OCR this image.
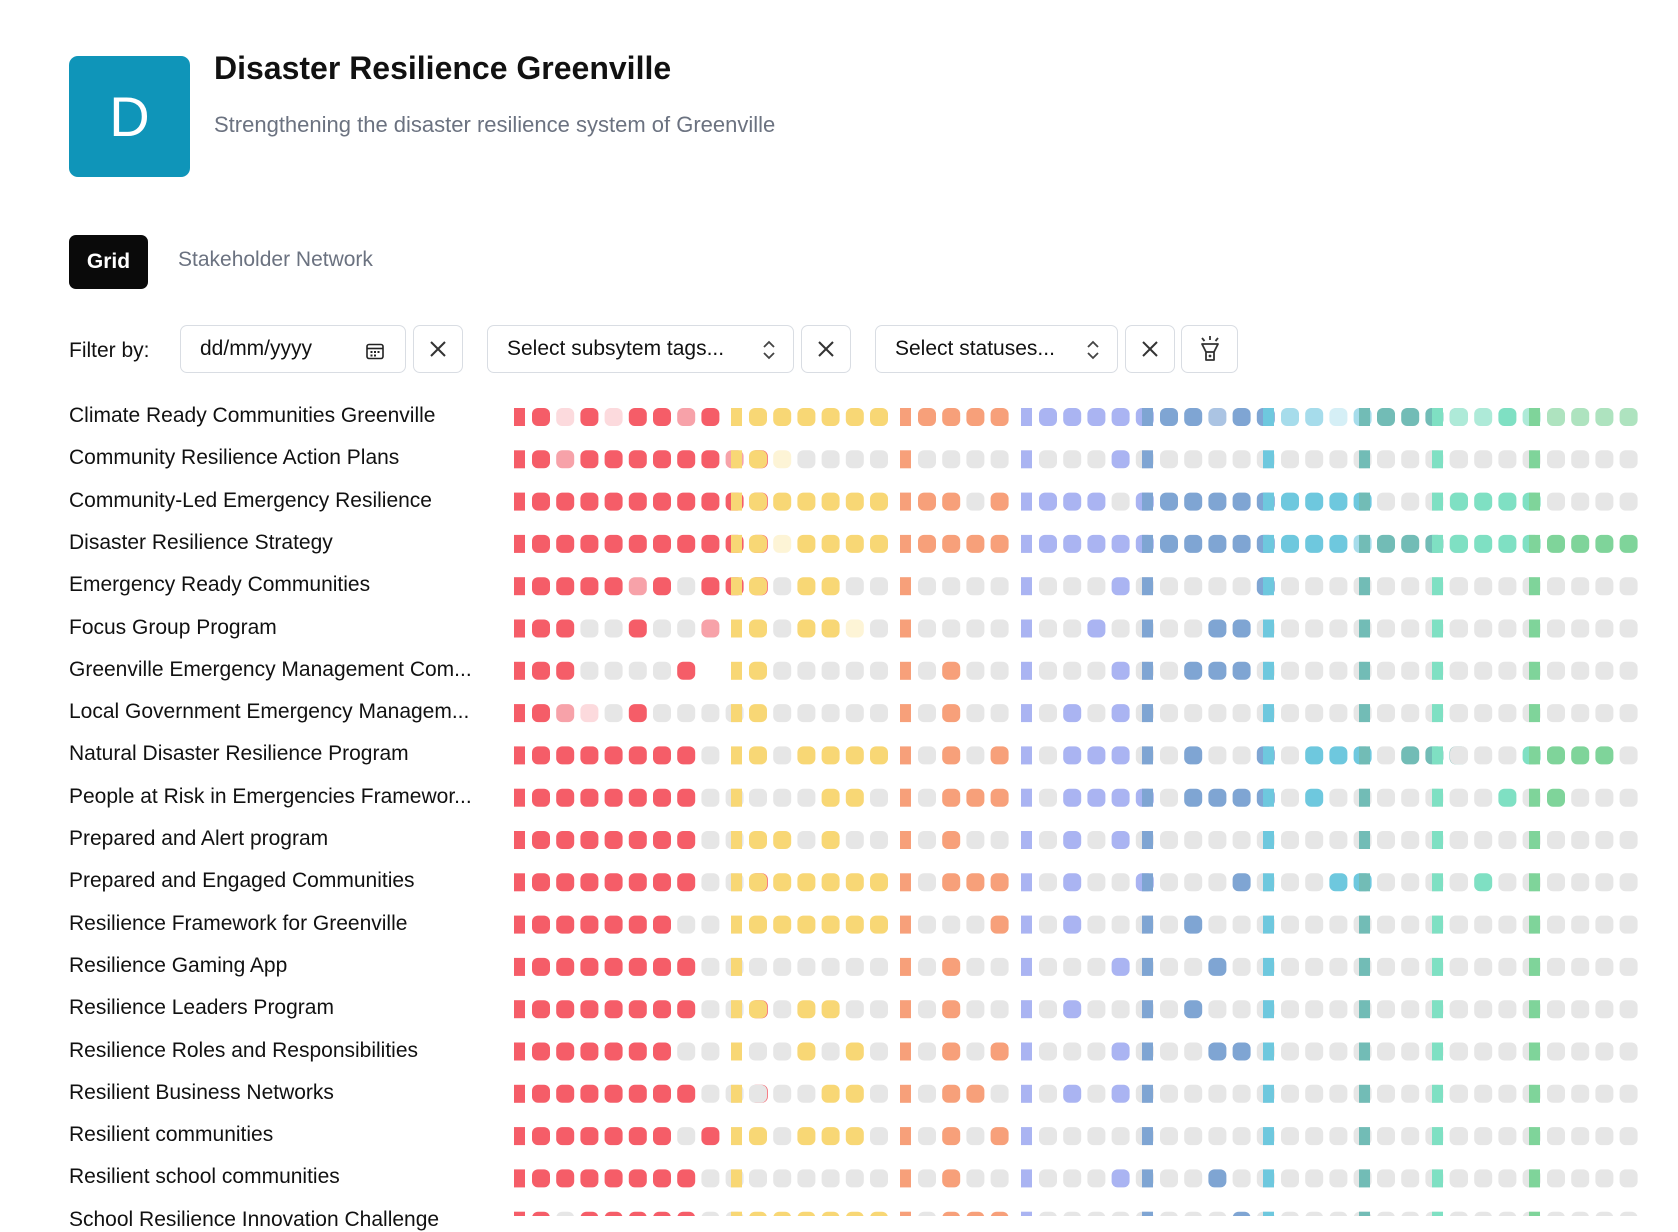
D
Disaster Resilience Greenville

Strengthening the disaster resilience system of Greenville

Grid	Stakeholder Network
Filter by:	dd/mm/yyyy	Select subsytem tags...	Select statuses...
Climate Ready Communities Greenville
Community Resilience Action Plans
Community-Led Emergency Resilience
Disaster Resilience Strategy
Emergency Ready Communities
Focus Group Program
Greenville Emergency Management Com...
Local Government Emergency Managem...
Natural Disaster Resilience Program
People at Risk in Emergencies Framewor...
Prepared and Alert program
Prepared and Engaged Communities
Resilience Framework for Greenville
Resilience Gaming App
Resilience Leaders Program
Resilience Roles and Responsibilities
Resilient Business Networks
Resilient communities
Resilient school communities
School Resilience Innovation Challenge
